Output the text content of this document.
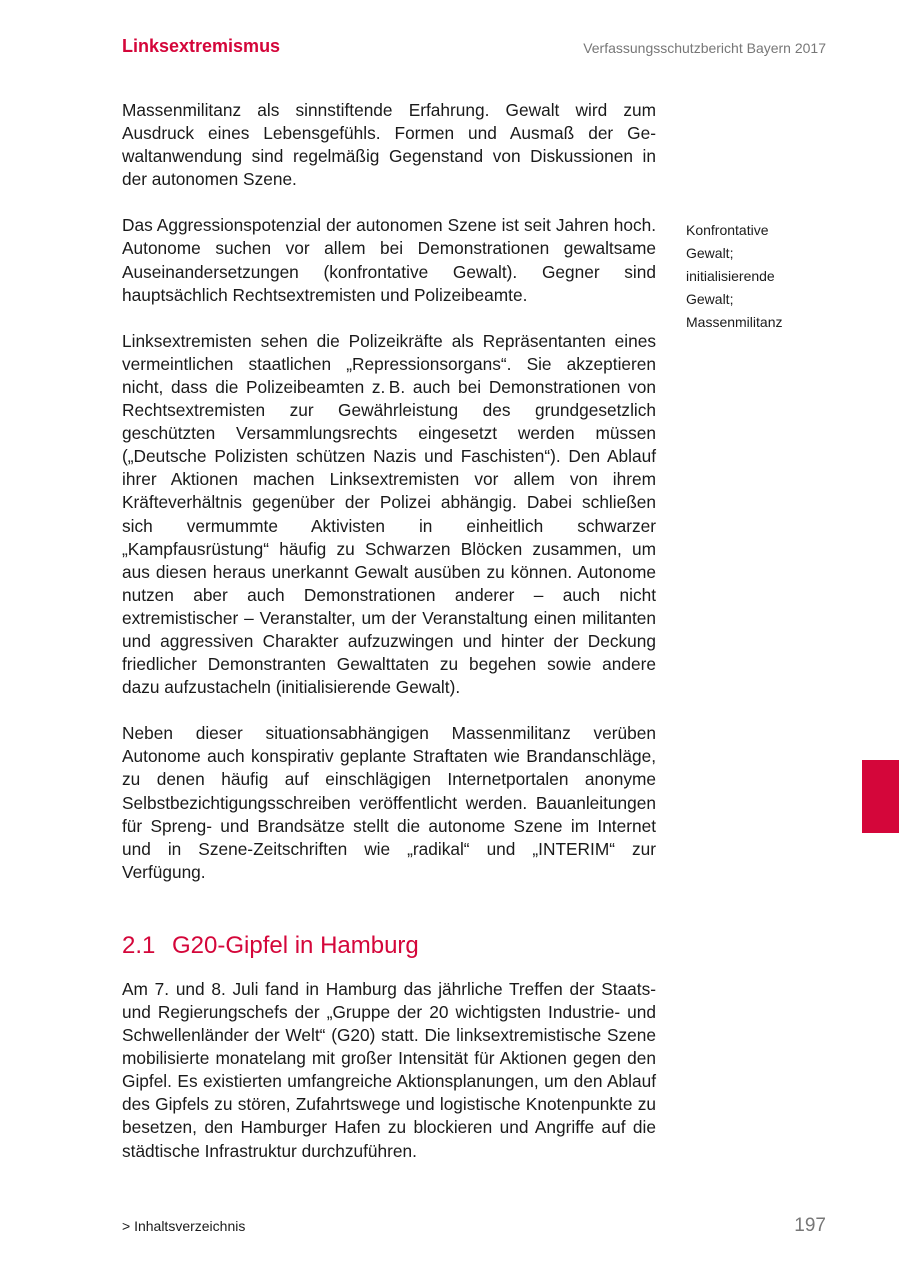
Linksextremismus	Verfassungsschutzbericht Bayern 2017

Massenmilitanz als sinnstiftende Erfahrung. Gewalt wird zum Ausdruck eines Lebensgefühls. Formen und Ausmaß der Gewaltanwendung sind regelmäßig Gegenstand von Diskussionen in der autonomen Szene.

Das Aggressionspotenzial der autonomen Szene ist seit Jahren hoch. Autonome suchen vor allem bei Demonstrationen gewaltsame Auseinandersetzungen (konfrontative Gewalt). Gegner sind hauptsächlich Rechtsextremisten und Polizeibeamte.

Linksextremisten sehen die Polizeikräfte als Repräsentanten eines vermeintlichen staatlichen „Repressionsorgans“. Sie akzeptieren nicht, dass die Polizeibeamten z. B. auch bei Demonstrationen von Rechtsextremisten zur Gewährleistung des grundgesetzlich geschützten Versammlungsrechts eingesetzt werden müssen („Deutsche Polizisten schützen Nazis und Faschisten“). Den Ablauf ihrer Aktionen machen Linksextremisten vor allem von ihrem Kräfteverhältnis gegenüber der Polizei abhängig. Dabei schließen sich vermummte Aktivisten in einheitlich schwarzer „Kampfausrüstung“ häufig zu Schwarzen Blöcken zusammen, um aus diesen heraus unerkannt Gewalt ausüben zu können. Autonome nutzen aber auch Demonstrationen anderer – auch nicht extremistischer – Veranstalter, um der Veranstaltung einen militanten und aggressiven Charakter aufzuzwingen und hinter der Deckung friedlicher Demonstranten Gewalttaten zu begehen sowie andere dazu aufzustacheln (initialisierende Gewalt).

Neben dieser situationsabhängigen Massenmilitanz verüben Autonome auch konspirativ geplante Straftaten wie Brandanschläge, zu denen häufig auf einschlägigen Internetportalen anonyme Selbstbezichtigungsschreiben veröffentlicht werden. Bauanleitungen für Spreng- und Brandsätze stellt die autonome Szene im Internet und in Szene-Zeitschriften wie „radikal“ und „INTERIM“ zur Verfügung.

2.1 G20-Gipfel in Hamburg

Am 7. und 8. Juli fand in Hamburg das jährliche Treffen der Staats- und Regierungschefs der „Gruppe der 20 wichtigsten Industrie- und Schwellenländer der Welt“ (G20) statt. Die linksextremistische Szene mobilisierte monatelang mit großer Intensität für Aktionen gegen den Gipfel. Es existierten umfangreiche Aktionsplanungen, um den Ablauf des Gipfels zu stören, Zufahrtswege und logistische Knotenpunkte zu besetzen, den Hamburger Hafen zu blockieren und Angriffe auf die städtische Infrastruktur durchzuführen.

Konfrontative
Gewalt;
initialisierende
Gewalt;
Massenmilitanz
> Inhaltsverzeichnis	197
